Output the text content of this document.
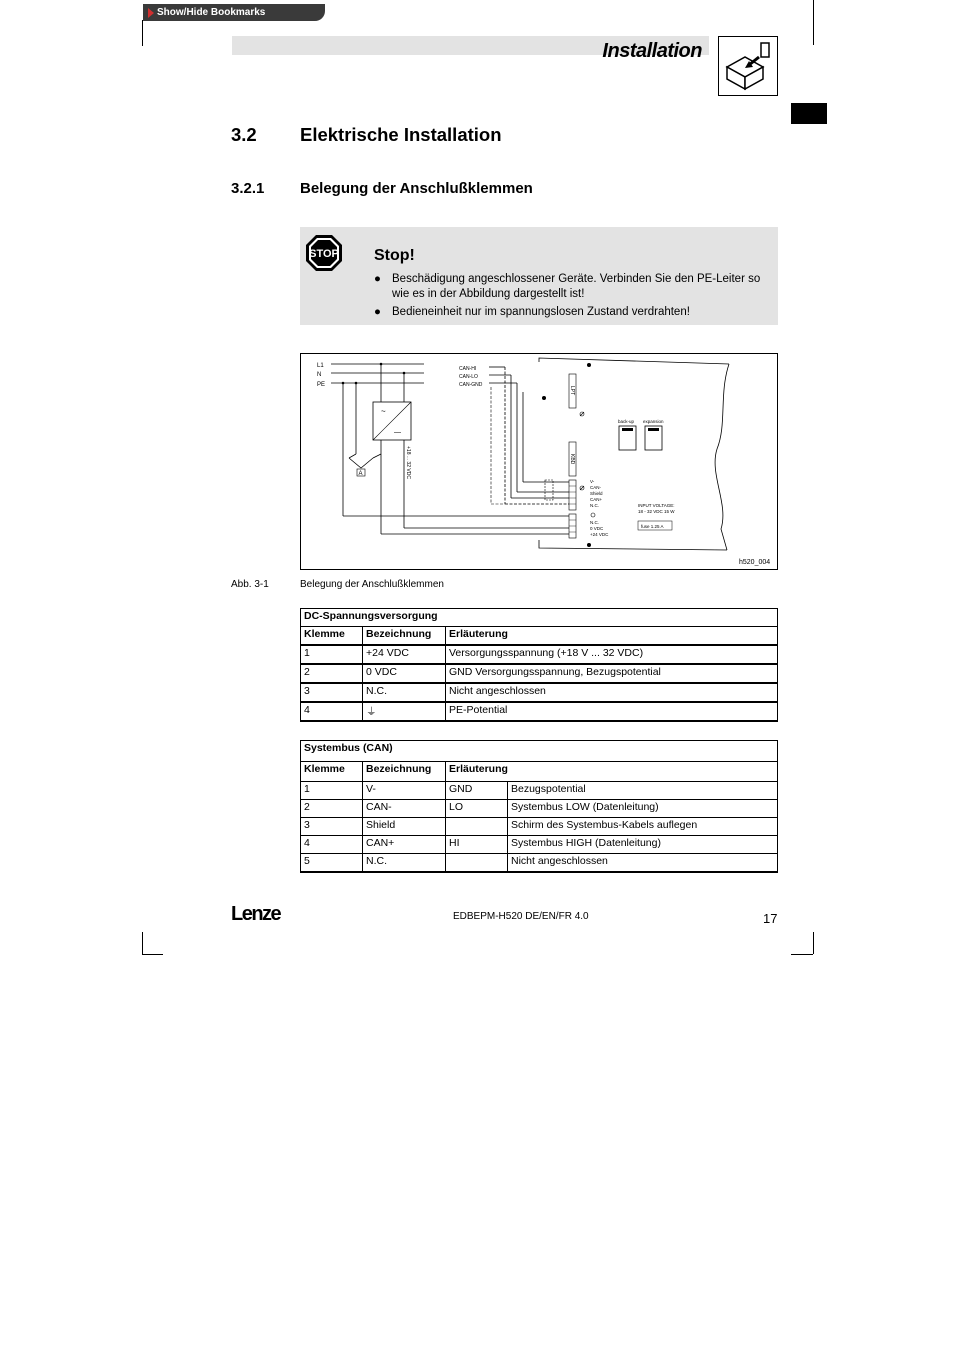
Show/Hide Bookmarks
Installation
3.2 Elektrische Installation
3.2.1 Belegung der Anschlußklemmen
STOP Stop!
● Beschädigung angeschlossener Geräte. Verbinden Sie den PE-Leiter so wie es in der Abbildung dargestellt ist!
● Bedieneinheit nur im spannungslosen Zustand verdrahten!
L1
N
PE
~
—
+18 ... 32 VDC
A
CAN-HI
CAN-LO
CAN-GND
LPT
KBD
back-up expansion
V-
CAN-
Shield
CAN+
N.C.
N.C.
0 VDC
+24 VDC
INPUT VOLTAGE:
18 - 32 VDC 15 W
fuse 1.25 A
h520_004
Abb. 3-1	Belegung der Anschlußklemmen
DC-Spannungsversorgung		
Klemme	Bezeichnung	Erläuterung
1	+24 VDC	Versorgungsspannung (+18 V ... 32 VDC)
2	0 VDC	GND Versorgungsspannung, Bezugspotential
3	N.C.	Nicht angeschlossen
4	⏚	PE-Potential
Systembus (CAN)			
Klemme	Bezeichnung	Erläuterung	
1	V-	GND	Bezugspotential
2	CAN-	LO	Systembus LOW (Datenleitung)
3	Shield		Schirm des Systembus-Kabels auflegen
4	CAN+	HI	Systembus HIGH (Datenleitung)
5	N.C.		Nicht angeschlossen
Lenze	EDBEPM-H520 DE/EN/FR 4.0	17
